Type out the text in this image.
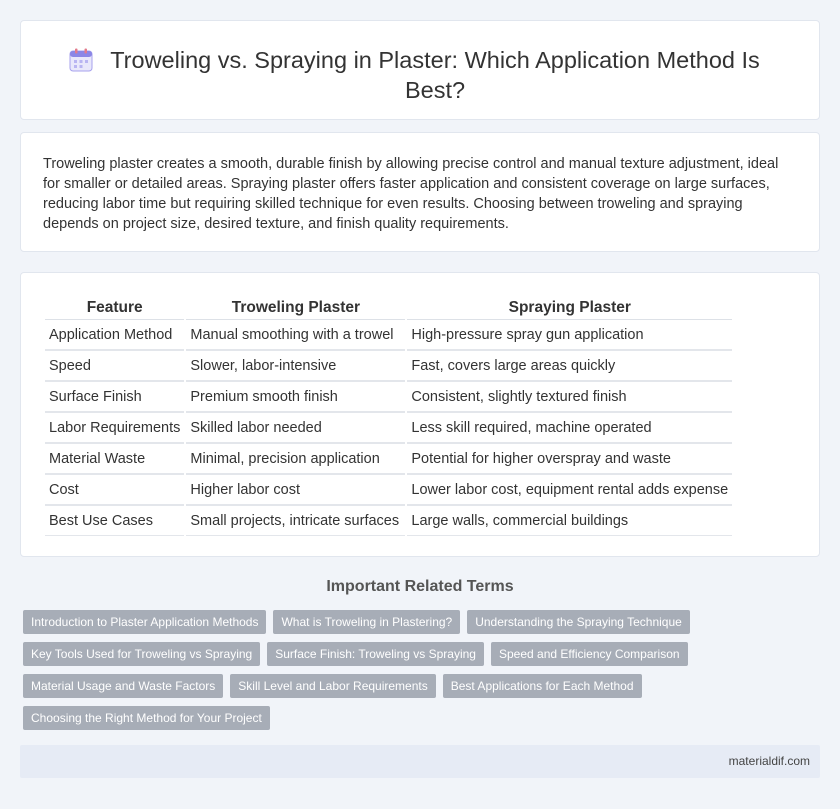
Troweling vs. Spraying in Plaster: Which Application Method Is Best?

Troweling plaster creates a smooth, durable finish by allowing precise control and manual texture adjustment, ideal for smaller or detailed areas. Spraying plaster offers faster application and consistent coverage on large surfaces, reducing labor time but requiring skilled technique for even results. Choosing between troweling and spraying depends on project size, desired texture, and finish quality requirements.

Feature	Troweling Plaster	Spraying Plaster
Application Method	Manual smoothing with a trowel	High-pressure spray gun application
Speed	Slower, labor-intensive	Fast, covers large areas quickly
Surface Finish	Premium smooth finish	Consistent, slightly textured finish
Labor Requirements	Skilled labor needed	Less skill required, machine operated
Material Waste	Minimal, precision application	Potential for higher overspray and waste
Cost	Higher labor cost	Lower labor cost, equipment rental adds expense
Best Use Cases	Small projects, intricate surfaces	Large walls, commercial buildings
Important Related Terms
Introduction to Plaster Application Methods	What is Troweling in Plastering?	Understanding the Spraying Technique
Key Tools Used for Troweling vs Spraying	Surface Finish: Troweling vs Spraying	Speed and Efficiency Comparison
Material Usage and Waste Factors	Skill Level and Labor Requirements	Best Applications for Each Method
Choosing the Right Method for Your Project
materialdif.com
